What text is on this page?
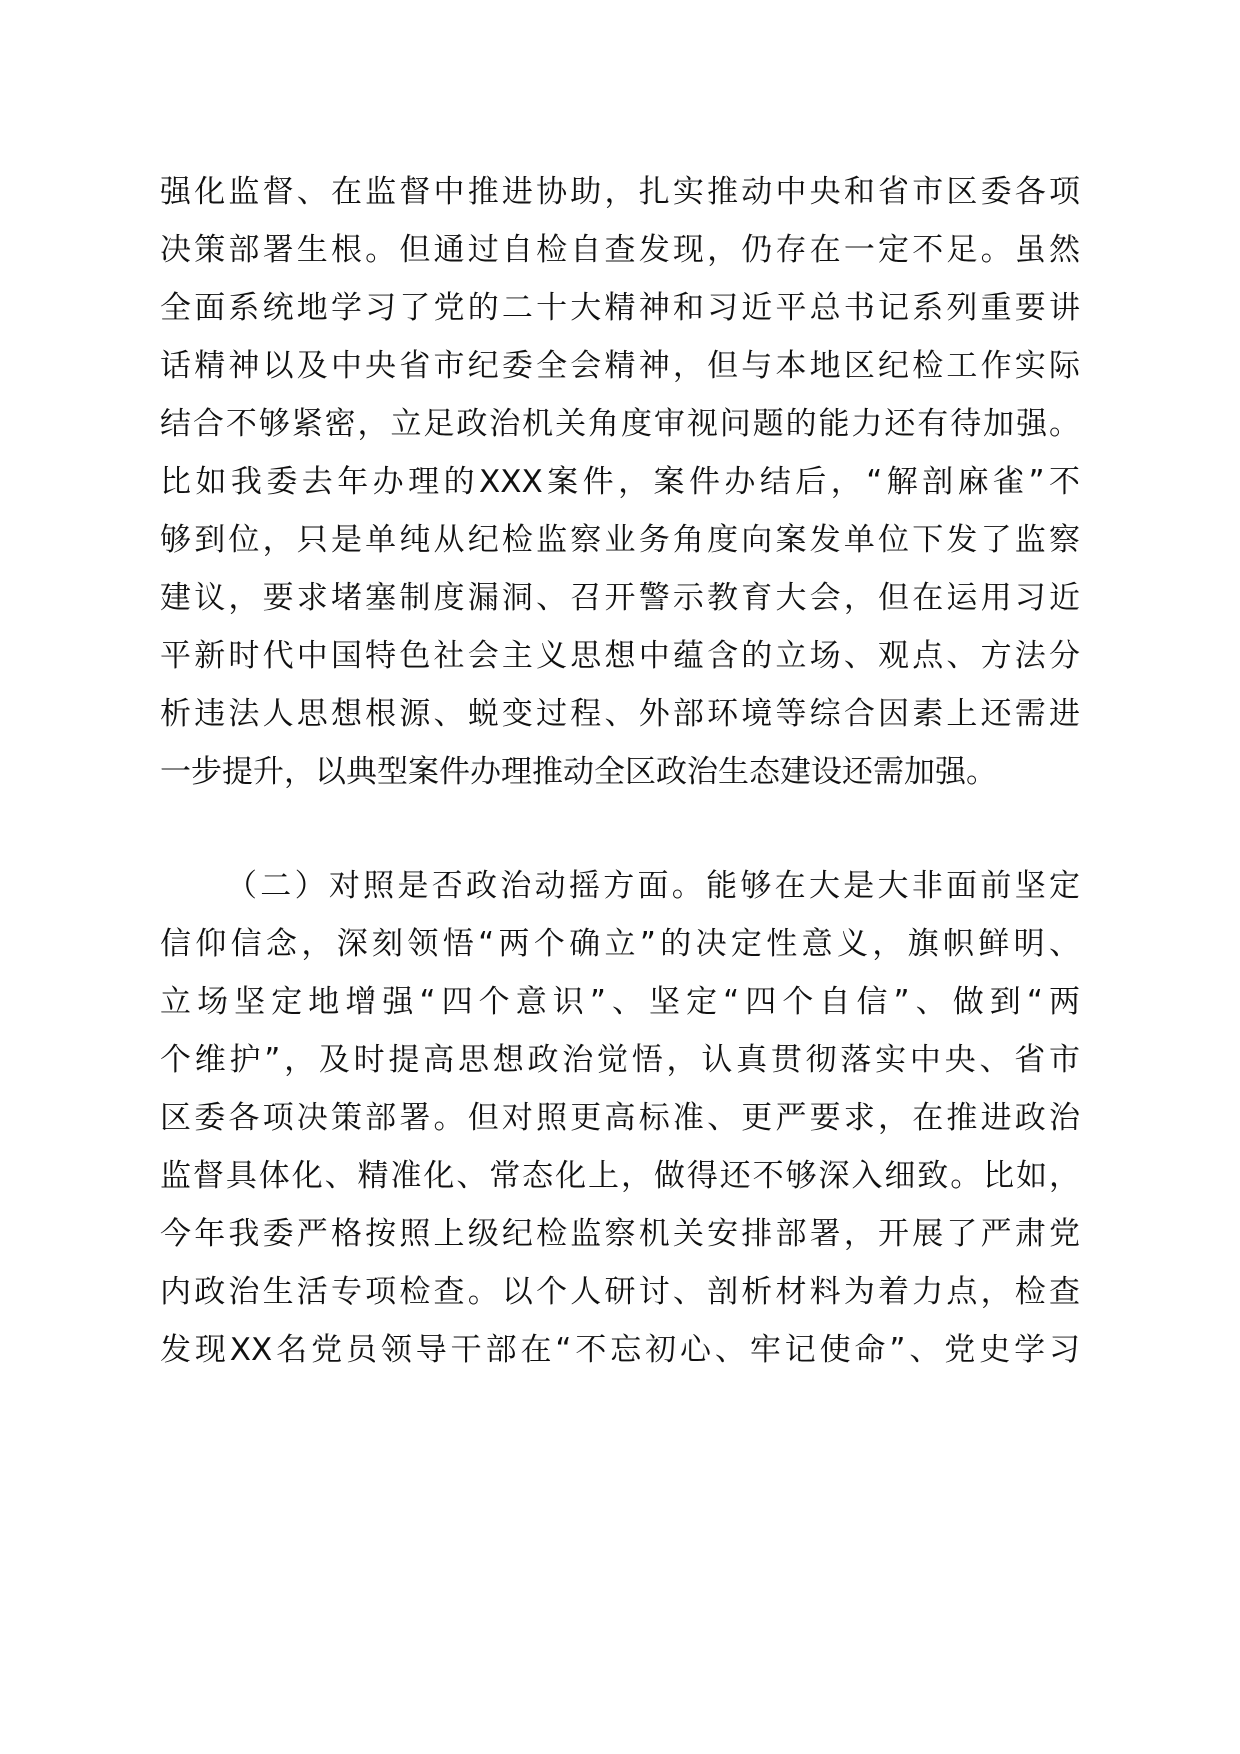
强化监督、在监督中推进协助，扎实推动中央和省市区委各项
决策部署生根。但通过自检自查发现，仍存在一定不足。虽然
全面系统地学习了党的二十大精神和习近平总书记系列重要讲
话精神以及中央省市纪委全会精神，但与本地区纪检工作实际
结合不够紧密，立足政治机关角度审视问题的能力还有待加强。
比如我委去年办理的XXX案件，案件办结后，“解剖麻雀”不
够到位，只是单纯从纪检监察业务角度向案发单位下发了监察
建议，要求堵塞制度漏洞、召开警示教育大会，但在运用习近
平新时代中国特色社会主义思想中蕴含的立场、观点、方法分
析违法人思想根源、蜕变过程、外部环境等综合因素上还需进
一步提升，以典型案件办理推动全区政治生态建设还需加强。
（二）对照是否政治动摇方面。能够在大是大非面前坚定
信仰信念，深刻领悟“两个确立”的决定性意义，旗帜鲜明、
立场坚定地增强“四个意识”、坚定“四个自信”、做到“两
个维护”，及时提高思想政治觉悟，认真贯彻落实中央、省市
区委各项决策部署。但对照更高标准、更严要求，在推进政治
监督具体化、精准化、常态化上，做得还不够深入细致。比如，
今年我委严格按照上级纪检监察机关安排部署，开展了严肃党
内政治生活专项检查。以个人研讨、剖析材料为着力点，检查
发现XX名党员领导干部在“不忘初心、牢记使命”、党史学习
